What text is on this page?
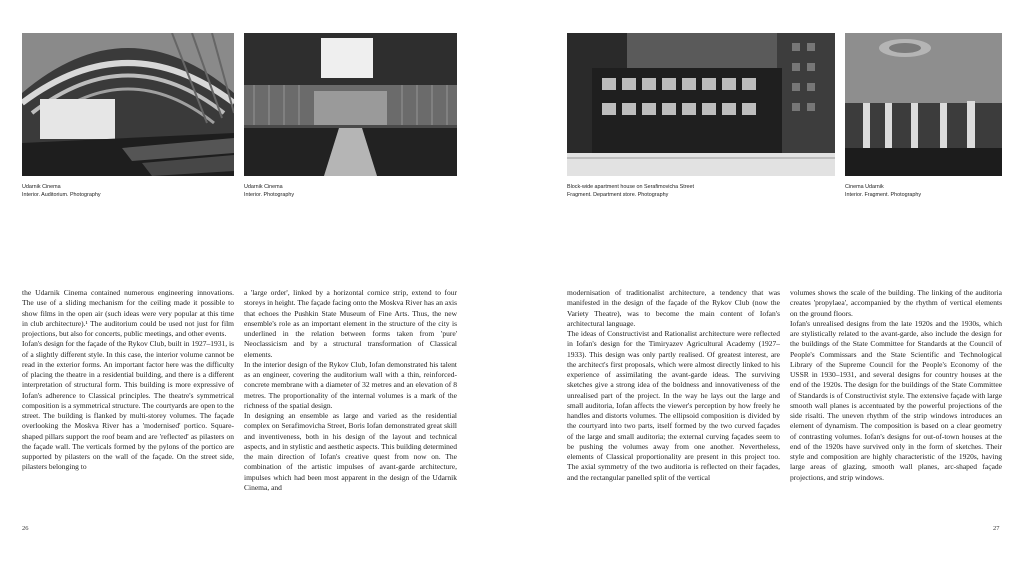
Udarnik Cinema
Interior. Auditorium. Photography
Udarnik Cinema
Interior. Photography
Block-wide apartment house on Serafimovicha Street
Fragment. Department store. Photography
Cinema Udarnik
Interior. Fragment. Photography

the Udarnik Cinema contained numerous engineering innovations. The use of a sliding mechanism for the ceiling made it possible to show films in the open air (such ideas were very popular at this time in club architecture).¹ The auditorium could be used not just for film projections, but also for concerts, public meetings, and other events.

Iofan's design for the façade of the Rykov Club, built in 1927–1931, is of a slightly different style. In this case, the interior volume cannot be read in the exterior forms. An important factor here was the difficulty of placing the theatre in a residential building, and there is a different interpretation of structural form. This building is more expressive of Iofan's adherence to Classical principles. The theatre's symmetrical composition is a symmetrical structure. The courtyards are open to the street. The building is flanked by multi-storey volumes. The façade overlooking the Moskva River has a 'modernised' portico. Square-shaped pillars support the roof beam and are 'reflected' as pilasters on the façade wall. The verticals formed by the pylons of the portico are supported by pilasters on the wall of the façade. On the street side, pilasters belonging to

a 'large order', linked by a horizontal cornice strip, extend to four storeys in height. The façade facing onto the Moskva River has an axis that echoes the Pushkin State Museum of Fine Arts. Thus, the new ensemble's role as an important element in the structure of the city is underlined in the relation between forms taken from 'pure' Neoclassicism and by a structural transformation of Classical elements.

In the interior design of the Rykov Club, Iofan demonstrated his talent as an engineer, covering the auditorium wall with a thin, reinforced-concrete membrane with a diameter of 32 metres and an elevation of 8 metres. The proportionality of the internal volumes is a mark of the richness of the spatial design.

In designing an ensemble as large and varied as the residential complex on Serafimovicha Street, Boris Iofan demonstrated great skill and inventiveness, both in his design of the layout and technical aspects, and in stylistic and aesthetic aspects. This building determined the main direction of Iofan's creative quest from now on. The combination of the artistic impulses of avant-garde architecture, impulses which had been most apparent in the design of the Udarnik Cinema, and

modernisation of traditionalist architecture, a tendency that was manifested in the design of the façade of the Rykov Club (now the Variety Theatre), was to become the main content of Iofan's architectural language.

The ideas of Constructivist and Rationalist architecture were reflected in Iofan's design for the Timiryazev Agricultural Academy (1927–1933). This design was only partly realised. Of greatest interest, are the architect's first proposals, which were almost directly linked to his experience of assimilating the avant-garde ideas. The surviving sketches give a strong idea of the boldness and innovativeness of the unrealised part of the project. In the way he lays out the large and small auditoria, Iofan affects the viewer's perception by how freely he handles and distorts volumes. The ellipsoid composition is divided by the courtyard into two parts, itself formed by the two curved façades of the large and small auditoria; the external curving façades seem to be pushing the volumes away from one another. Nevertheless, elements of Classical proportionality are present in this project too. The axial symmetry of the two auditoria is reflected on their façades, and the rectangular panelled split of the vertical

volumes shows the scale of the building. The linking of the auditoria creates 'propylaea', accompanied by the rhythm of vertical elements on the ground floors.

Iofan's unrealised designs from the late 1920s and the 1930s, which are stylistically related to the avant-garde, also include the design for the buildings of the State Committee for Standards at the Council of People's Commissars and the State Scientific and Technological Library of the Supreme Council for the People's Economy of the USSR in 1930–1931, and several designs for country houses at the end of the 1920s. The design for the buildings of the State Committee of Standards is of Constructivist style. The extensive façade with large smooth wall planes is accentuated by the powerful projections of the side risalti. The uneven rhythm of the strip windows introduces an element of dynamism. The composition is based on a clear geometry of contrasting volumes. Iofan's designs for out-of-town houses at the end of the 1920s have survived only in the form of sketches. Their style and composition are highly characteristic of the 1920s, having large areas of glazing, smooth wall planes, arc-shaped façade projections, and strip windows.

26	27
